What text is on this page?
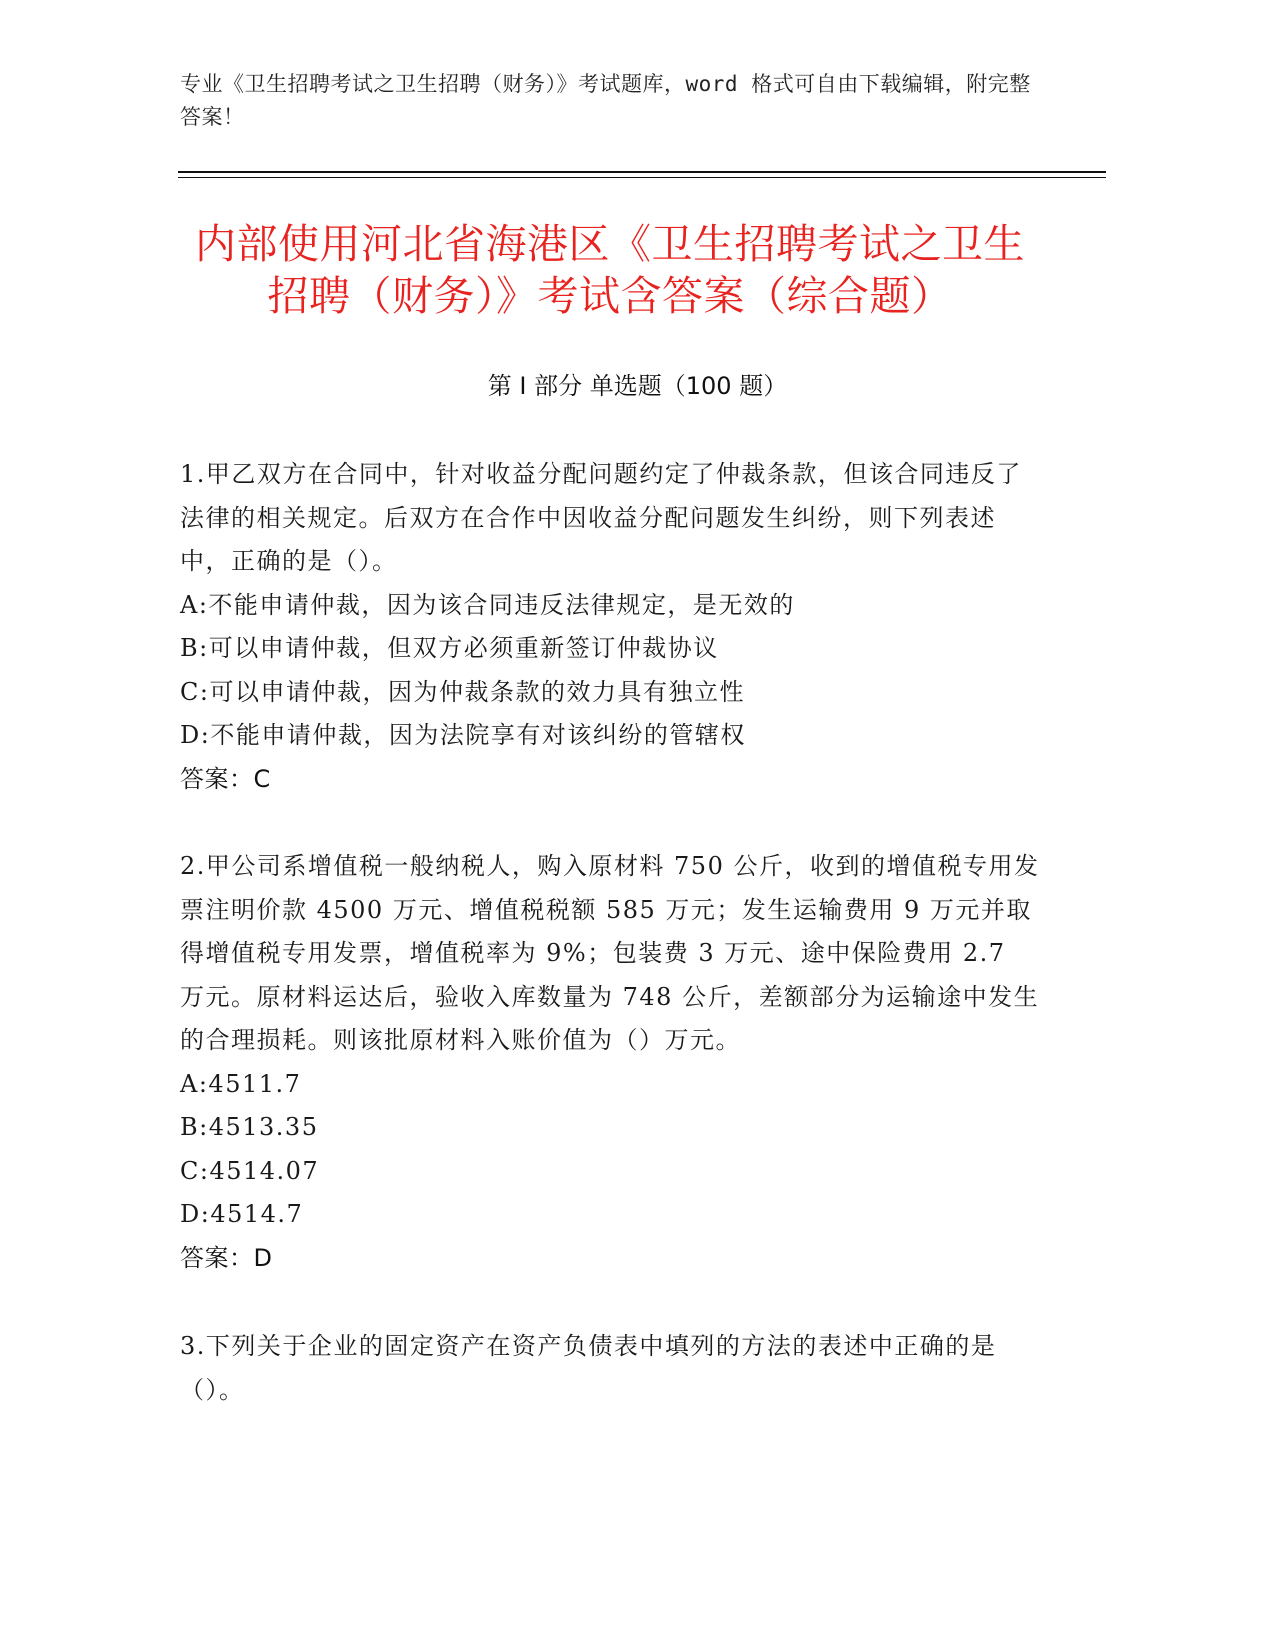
专业《卫生招聘考试之卫生招聘（财务）》考试题库，word 格式可自由下载编辑，附完整答案！
内部使用河北省海港区《卫生招聘考试之卫生招聘（财务）》考试含答案（综合题）
第 I 部分 单选题（100 题）
1.甲乙双方在合同中，针对收益分配问题约定了仲裁条款，但该合同违反了法律的相关规定。后双方在合作中因收益分配问题发生纠纷，则下列表述中，正确的是（）。
A:不能申请仲裁，因为该合同违反法律规定，是无效的
B:可以申请仲裁，但双方必须重新签订仲裁协议
C:可以申请仲裁，因为仲裁条款的效力具有独立性
D:不能申请仲裁，因为法院享有对该纠纷的管辖权
答案：C
2.甲公司系增值税一般纳税人，购入原材料 750 公斤，收到的增值税专用发票注明价款 4500 万元、增值税税额 585 万元；发生运输费用 9 万元并取得增值税专用发票，增值税率为 9%；包装费 3 万元、途中保险费用 2.7 万元。原材料运达后，验收入库数量为 748 公斤，差额部分为运输途中发生的合理损耗。则该批原材料入账价值为（）万元。
A:4511.7
B:4513.35
C:4514.07
D:4514.7
答案：D
3.下列关于企业的固定资产在资产负债表中填列的方法的表述中正确的是（）。
